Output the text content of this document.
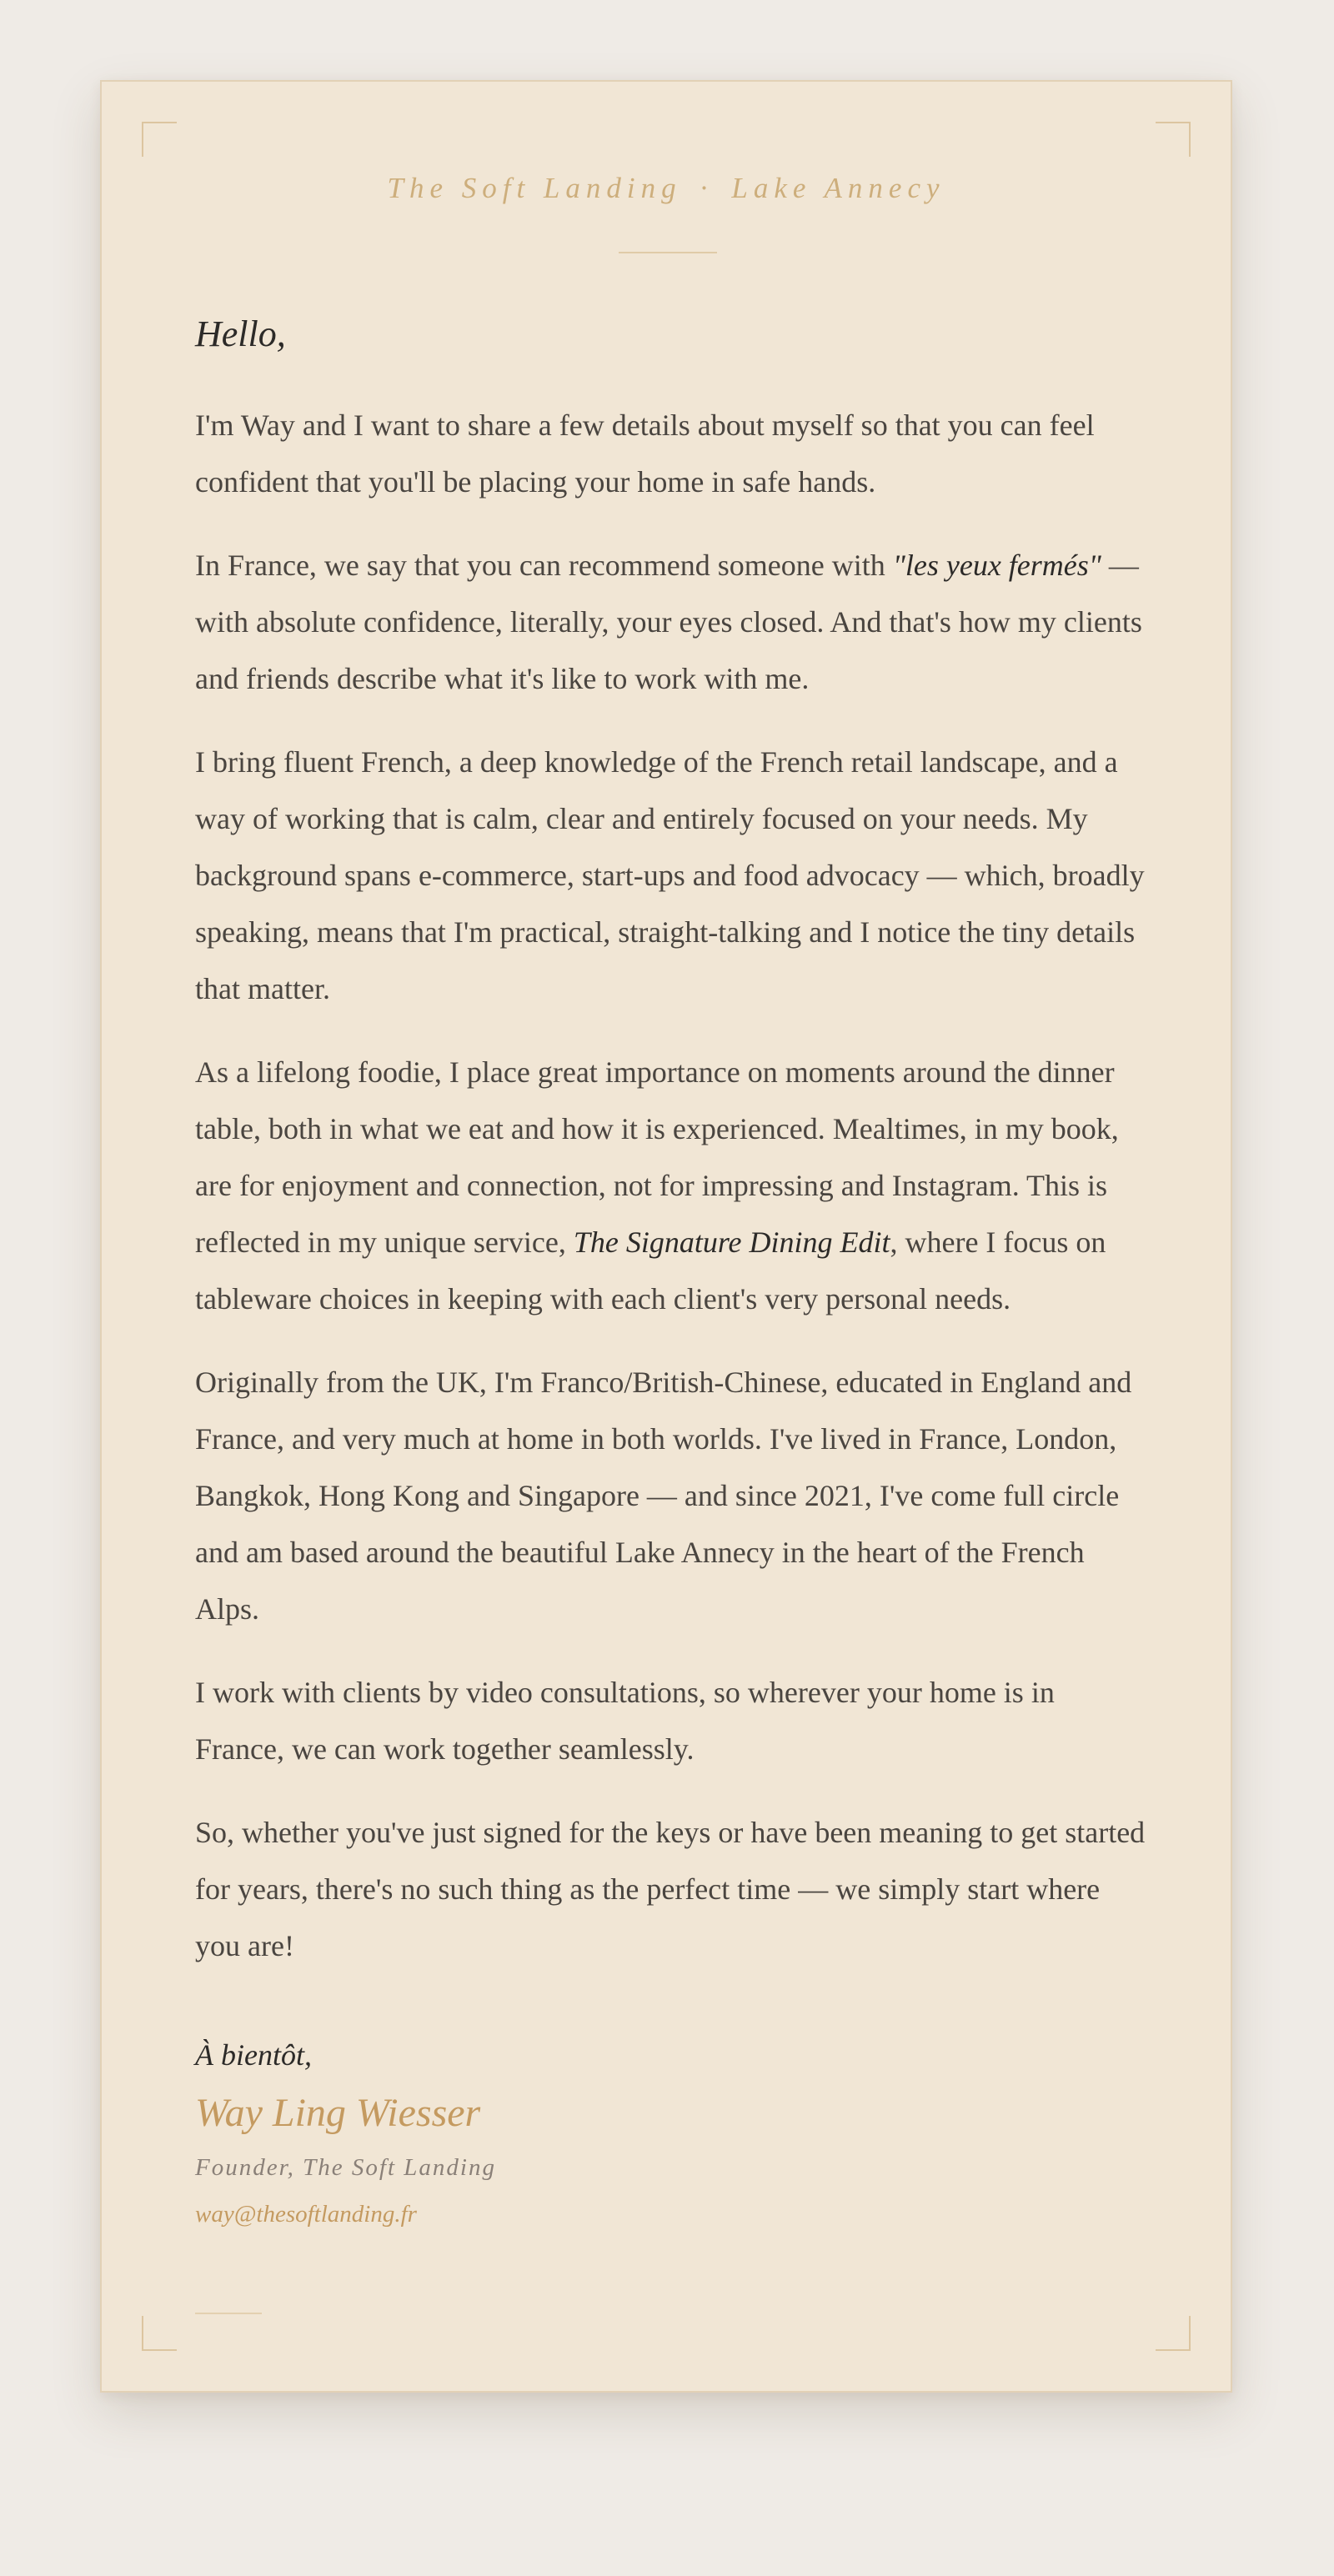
The Soft Landing · Lake Annecy
Hello,

I'm Way and I want to share a few details about myself so that you can feel confident that you'll be placing your home in safe hands.

In France, we say that you can recommend someone with "les yeux fermés" — with absolute confidence, literally, your eyes closed. And that's how my clients and friends describe what it's like to work with me.

I bring fluent French, a deep knowledge of the French retail landscape, and a way of working that is calm, clear and entirely focused on your needs. My background spans e-commerce, start-ups and food advocacy — which, broadly speaking, means that I'm practical, straight-talking and I notice the tiny details that matter.

As a lifelong foodie, I place great importance on moments around the dinner table, both in what we eat and how it is experienced. Mealtimes, in my book, are for enjoyment and connection, not for impressing and Instagram. This is reflected in my unique service, The Signature Dining Edit, where I focus on tableware choices in keeping with each client's very personal needs.

Originally from the UK, I'm Franco/British-Chinese, educated in England and France, and very much at home in both worlds. I've lived in France, London, Bangkok, Hong Kong and Singapore — and since 2021, I've come full circle and am based around the beautiful Lake Annecy in the heart of the French Alps.

I work with clients by video consultations, so wherever your home is in France, we can work together seamlessly.

So, whether you've just signed for the keys or have been meaning to get started for years, there's no such thing as the perfect time — we simply start where you are!

À bientôt,
Way Ling Wiesser
Founder, The Soft Landing
way@thesoftlanding.fr
